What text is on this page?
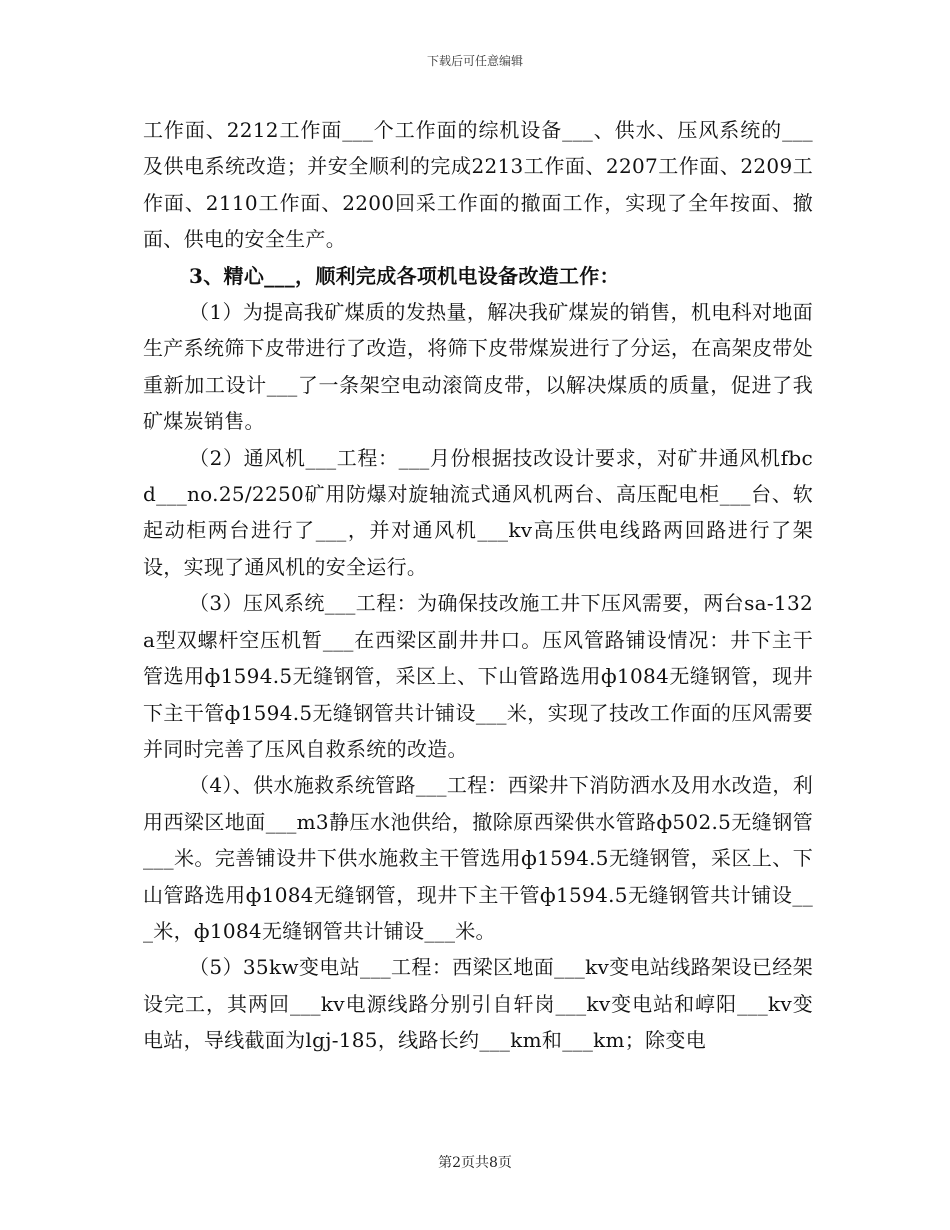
下载后可任意编辑

工作面、2212工作面___个工作面的综机设备___、供水、压风系统的___及供电系统改造；并安全顺利的完成2213工作面、2207工作面、2209工作面、2110工作面、2200回采工作面的撤面工作，实现了全年按面、撤面、供电的安全生产。

3、精心___，顺利完成各项机电设备改造工作：

（1）为提高我矿煤质的发热量，解决我矿煤炭的销售，机电科对地面生产系统筛下皮带进行了改造，将筛下皮带煤炭进行了分运，在高架皮带处重新加工设计___了一条架空电动滚筒皮带，以解决煤质的质量，促进了我矿煤炭销售。

（2）通风机___工程：___月份根据技改设计要求，对矿井通风机fbcd___no.25/2250矿用防爆对旋轴流式通风机两台、高压配电柜___台、软起动柜两台进行了___，并对通风机___kv高压供电线路两回路进行了架设，实现了通风机的安全运行。

（3）压风系统___工程：为确保技改施工井下压风需要，两台sa-132a型双螺杆空压机暂___在西梁区副井井口。压风管路铺设情况：井下主干管选用ф1594.5无缝钢管，采区上、下山管路选用ф1084无缝钢管，现井下主干管ф1594.5无缝钢管共计铺设___米，实现了技改工作面的压风需要并同时完善了压风自救系统的改造。

（4）、供水施救系统管路___工程：西梁井下消防洒水及用水改造，利用西梁区地面___m3静压水池供给，撤除原西梁供水管路ф502.5无缝钢管___米。完善铺设井下供水施救主干管选用ф1594.5无缝钢管，采区上、下山管路选用ф1084无缝钢管，现井下主干管ф1594.5无缝钢管共计铺设___米，ф1084无缝钢管共计铺设___米。

（5）35kw变电站___工程：西梁区地面___kv变电站线路架设已经架设完工，其两回___kv电源线路分别引自轩岗___kv变电站和崞阳___kv变电站，导线截面为lgj-185，线路长约___km和___km；除变电

第2页共8页
